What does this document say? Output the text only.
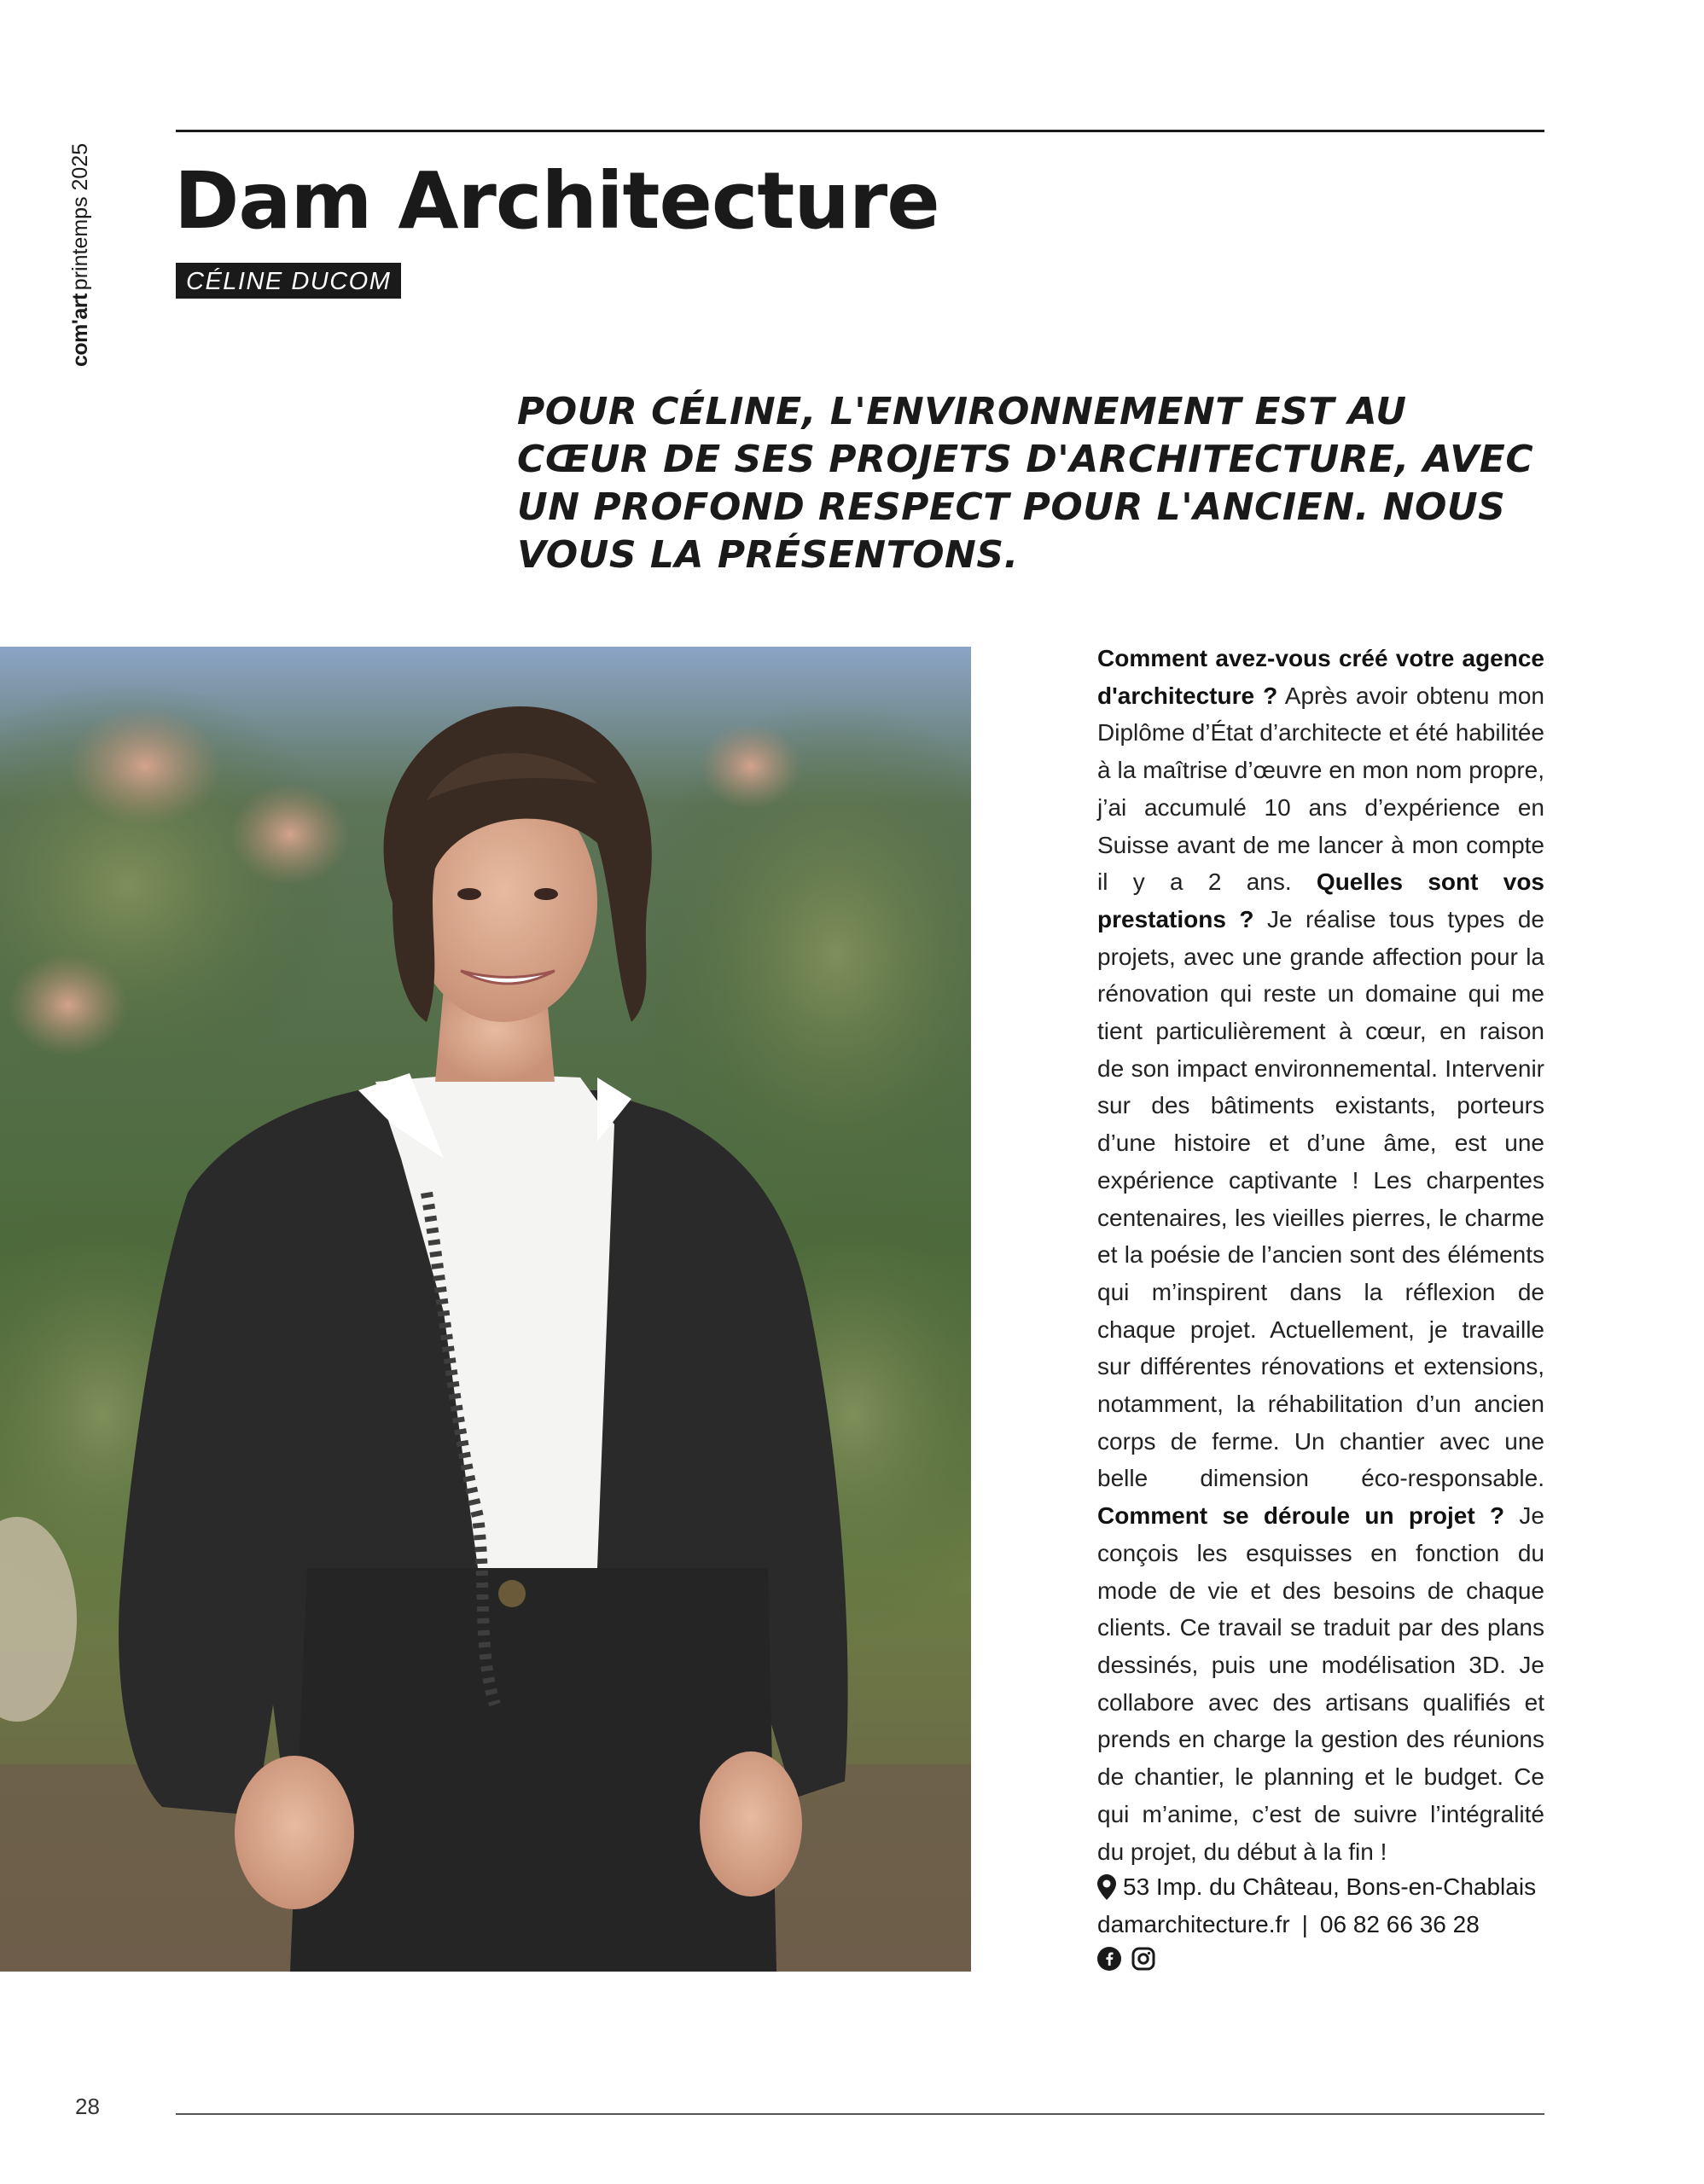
com'artprintemps 2025 Dam Architecture
CÉLINE DUCOM

POUR CÉLINE, L'ENVIRONNEMENT EST AU CŒUR DE SES PROJETS D'ARCHITECTURE, AVEC UN PROFOND RESPECT POUR L'ANCIEN. NOUS VOUS LA PRÉSENTONS.

Comment avez-vous créé votre agence d'architecture ? Après avoir obtenu mon Diplôme d’État d’architecte et été habilitée à la maîtrise d’œuvre en mon nom propre, j’ai accumulé 10 ans d’expérience en Suisse avant de me lancer à mon compte il y a 2 ans. Quelles sont vos prestations ? Je réalise tous types de projets, avec une grande affection pour la rénovation qui reste un domaine qui me tient particulièrement à cœur, en raison de son impact environnemental. Intervenir sur des bâtiments existants, porteurs d’une histoire et d’une âme, est une expérience captivante ! Les charpentes centenaires, les vieilles pierres, le charme et la poésie de l’ancien sont des éléments qui m’inspirent dans la réflexion de chaque projet. Actuellement, je travaille sur différentes rénovations et extensions, notamment, la réhabilitation d’un ancien corps de ferme. Un chantier avec une belle dimension éco-responsable. Comment se déroule un projet ? Je conçois les esquisses en fonction du mode de vie et des besoins de chaque clients. Ce travail se traduit par des plans dessinés, puis une modélisation 3D. Je collabore avec des artisans qualifiés et prends en charge la gestion des réunions de chantier, le planning et le budget. Ce qui m’anime, c’est de suivre l’intégralité du projet, du début à la fin !
53 Imp. du Château, Bons-en-Chablais
damarchitecture.fr | 06 82 66 36 28
28
